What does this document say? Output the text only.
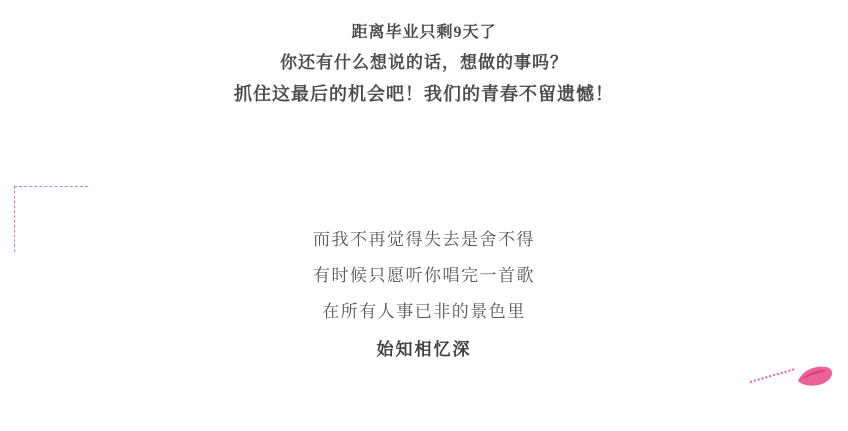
距离毕业只剩9天了
你还有什么想说的话，想做的事吗？
抓住这最后的机会吧！我们的青春不留遗憾！
而我不再觉得失去是舍不得
有时候只愿听你唱完一首歌
在所有人事已非的景色里
始知相忆深
